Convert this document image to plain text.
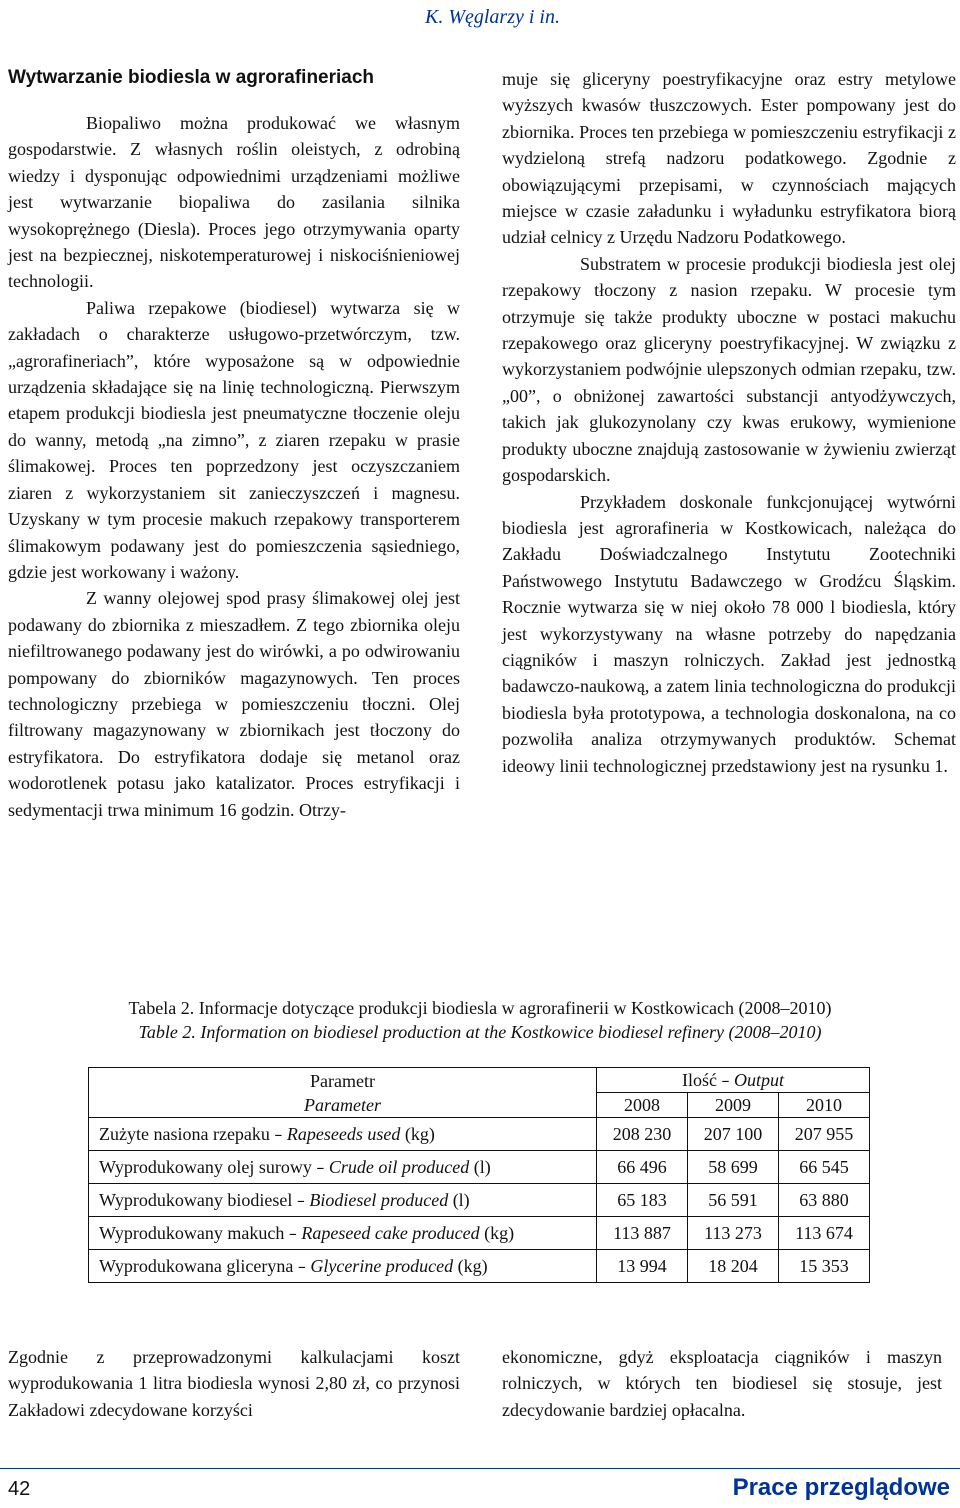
K. Węglarzy i in.
Wytwarzanie biodiesla w agrorafineriach

Biopaliwo można produkować we własnym gospodarstwie. Z własnych roślin oleistych, z odrobiną wiedzy i dysponując odpowiednimi urządzeniami możliwe jest wytwarzanie biopaliwa do zasilania silnika wysokoprężnego (Diesla). Proces jego otrzymywania oparty jest na bezpiecznej, niskotemperaturowej i niskociśnieniowej technologii.

Paliwa rzepakowe (biodiesel) wytwarza się w zakładach o charakterze usługowo-przetwórczym, tzw. „agrorafineriach”, które wyposażone są w odpowiednie urządzenia składające się na linię technologiczną. Pierwszym etapem produkcji biodiesla jest pneumatyczne tłoczenie oleju do wanny, metodą „na zimno”, z ziaren rzepaku w prasie ślimakowej. Proces ten poprzedzony jest oczyszczaniem ziaren z wykorzystaniem sit zanieczyszczeń i magnesu. Uzyskany w tym procesie makuch rzepakowy transporterem ślimakowym podawany jest do pomieszczenia sąsiedniego, gdzie jest workowany i ważony.

Z wanny olejowej spod prasy ślimakowej olej jest podawany do zbiornika z mieszadłem. Z tego zbiornika oleju niefiltrowanego podawany jest do wirówki, a po odwirowaniu pompowany do zbiorników magazynowych. Ten proces technologiczny przebiega w pomieszczeniu tłoczni. Olej filtrowany magazynowany w zbiornikach jest tłoczony do estryfikatora. Do estryfikatora dodaje się metanol oraz wodorotlenek potasu jako katalizator. Proces estryfikacji i sedymentacji trwa minimum 16 godzin. Otrzy-

muje się gliceryny poestryfikacyjne oraz estry metylowe wyższych kwasów tłuszczowych. Ester pompowany jest do zbiornika. Proces ten przebiega w pomieszczeniu estryfikacji z wydzieloną strefą nadzoru podatkowego. Zgodnie z obowiązującymi przepisami, w czynnościach mających miejsce w czasie załadunku i wyładunku estryfikatora biorą udział celnicy z Urzędu Nadzoru Podatkowego.

Substratem w procesie produkcji biodiesla jest olej rzepakowy tłoczony z nasion rzepaku. W procesie tym otrzymuje się także produkty uboczne w postaci makuchu rzepakowego oraz gliceryny poestryfikacyjnej. W związku z wykorzystaniem podwójnie ulepszonych odmian rzepaku, tzw. „00”, o obniżonej zawartości substancji antyodżywczych, takich jak glukozynolany czy kwas erukowy, wymienione produkty uboczne znajdują zastosowanie w żywieniu zwierząt gospodarskich.

Przykładem doskonale funkcjonującej wytwórni biodiesla jest agrorafineria w Kostkowicach, należąca do Zakładu Doświadczalnego Instytutu Zootechniki Państwowego Instytutu Badawczego w Grodźcu Śląskim. Rocznie wytwarza się w niej około 78 000 l biodiesla, który jest wykorzystywany na własne potrzeby do napędzania ciągników i maszyn rolniczych. Zakład jest jednostką badawczo-naukową, a zatem linia technologiczna do produkcji biodiesla była prototypowa, a technologia doskonalona, na co pozwoliła analiza otrzymywanych produktów. Schemat ideowy linii technologicznej przedstawiony jest na rysunku 1.

Tabela 2. Informacje dotyczące produkcji biodiesla w agrorafinerii w Kostkowicach (2008–2010)
Table 2. Information on biodiesel production at the Kostkowice biodiesel refinery (2008–2010)
Parametr
Parameter	Ilość – Output		
	2008	2009	2010
Zużyte nasiona rzepaku – Rapeseeds used (kg)	208 230	207 100	207 955
Wyprodukowany olej surowy – Crude oil produced (l)	66 496	58 699	66 545
Wyprodukowany biodiesel – Biodiesel produced (l)	65 183	56 591	63 880
Wyprodukowany makuch – Rapeseed cake produced (kg)	113 887	113 273	113 674
Wyprodukowana gliceryna – Glycerine produced (kg)	13 994	18 204	15 353
Zgodnie z przeprowadzonymi kalkulacjami koszt wyprodukowania 1 litra biodiesla wynosi 2,80 zł, co przynosi Zakładowi zdecydowane korzyści
ekonomiczne, gdyż eksploatacja ciągników i maszyn rolniczych, w których ten biodiesel się stosuje, jest zdecydowanie bardziej opłacalna.
42	Prace przeglądowe
